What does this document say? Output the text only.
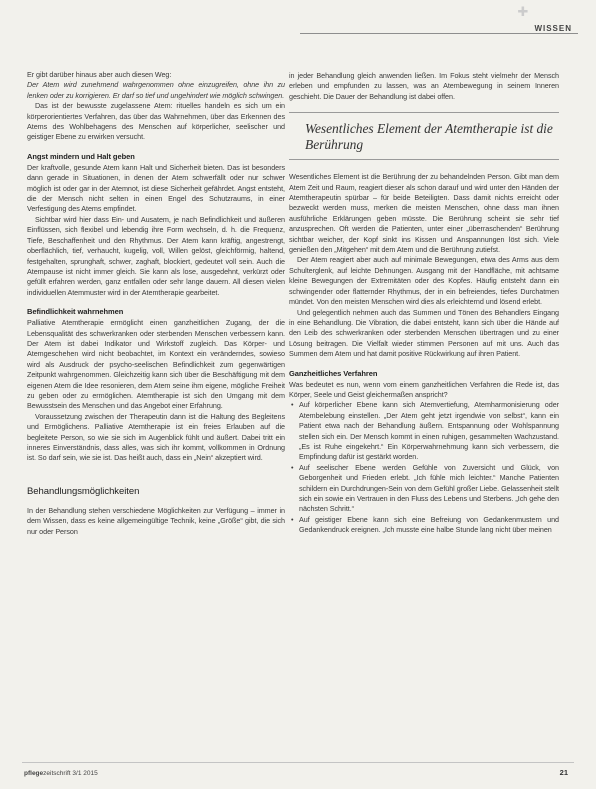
✚
WISSEN

Er gibt darüber hinaus aber auch diesen Weg:

Der Atem wird zunehmend wahrgenommen ohne einzugreifen, ohne ihn zu lenken oder zu korrigieren. Er darf so tief und ungehindert wie möglich schwingen.

Das ist der bewusste zugelassene Atem: rituelles handeln es sich um ein körperorientiertes Verfahren, das über das Wahrnehmen, über das Erkennen des Atems des Wohlbehagens des Menschen auf körperlicher, seelischer und geistiger Ebene zu erwirken versucht.

Angst mindern und Halt geben

Der kraftvolle, gesunde Atem kann Halt und Sicherheit bieten. Das ist besonders dann gerade in Situationen, in denen der Atem schwerfällt oder nur schwer möglich ist oder gar in der Atemnot, ist diese Sicherheit gefährdet. Angst entsteht, die der Mensch nicht selten in einen Engel des Schutzraums, in einer Verfestigung des Atems empfindet.

Sichtbar wird hier dass Ein- und Ausatem, je nach Befindlichkeit und äußeren Einflüssen, sich flexibel und lebendig ihre Form wechseln, d. h. die Frequenz, Tiefe, Beschaffenheit und den Rhythmus. Der Atem kann kräftig, angestrengt, oberflächlich, tief, verhaucht, kugelig, voll, Willen gelöst, gleichförmig, haltend, festgehalten, sprunghaft, schwer, zaghaft, blockiert, gedeutet voll sein. Auch die Atempause ist nicht immer gleich. Sie kann als lose, ausgedehnt, verkürzt oder gefüllt erfahren werden, ganz entfallen oder sehr lange dauern. All diesen vielen individuellen Atemmuster wird in der Atemtherapie gearbeitet.

Befindlichkeit wahrnehmen

Palliative Atemtherapie ermöglicht einen ganzheitlichen Zugang, der die Lebensqualität des schwerkranken oder sterbenden Menschen verbessern kann. Der Atem ist dabei Indikator und Wirkstoff zugleich. Das Körper- und Atemgeschehen wird nicht beobachtet, im Kontext ein veränderndes, sowieso wird als Ausdruck der psycho-seelischen Befindlichkeit zum gegenwärtigen Zeitpunkt wahrgenommen. Gleichzeitig kann sich über die Beschäftigung mit dem eigenen Atem die Idee resonieren, dem Atem seine ihm eigene, mögliche Freiheit zu geben oder zu ermöglichen. Atemtherapie ist sich den Umgang mit dem Bewusstsein des Menschen und das Angebot einer Erfahrung.

Voraussetzung zwischen der Therapeutin dann ist die Haltung des Begleitens und Ermöglichens. Palliative Atemtherapie ist ein freies Erlauben auf die begleitete Person, so wie sie sich im Augenblick fühlt und äußert. Dabei tritt ein inneres Einverständnis, dass alles, was sich ihr kommt, vollkommen in Ordnung ist. So darf sein, wie sie ist. Das heißt auch, dass ein „Nein“ akzeptiert wird.

Behandlungsmöglichkeiten

In der Behandlung stehen verschiedene Möglichkeiten zur Verfügung – immer in dem Wissen, dass es keine allgemeingültige Technik, keine „Größe“ gibt, die sich nur oder Person

in jeder Behandlung gleich anwenden ließen. Im Fokus steht vielmehr der Mensch erleben und empfunden zu lassen, was an Atembewegung in seinem Inneren geschieht. Die Dauer der Behandlung ist dabei offen.

Wesentliches Element der Atemtherapie ist die Berührung

Wesentliches Element ist die Berührung der zu behandelnden Person. Gibt man dem Atem Zeit und Raum, reagiert dieser als schon darauf und wird unter den Händen der Atemtherapeutin spürbar – für beide Beteiligten. Dass damit nichts erreicht oder bezweckt werden muss, merken die meisten Menschen, ohne dass man ihnen ausführliche Erklärungen geben müsste. Die Berührung scheint sie sehr tief anzusprechen. Oft werden die Patienten, unter einer „überraschenden“ Berührung sichtbar weicher, der Kopf sinkt ins Kissen und Anspannungen löst sich. Viele genießen den „Mitgehen“ mit dem Atem und die Berührung zutiefst.

Der Atem reagiert aber auch auf minimale Bewegungen, etwa des Arms aus dem Schulterglenk, auf leichte Dehnungen. Ausgang mit der Handfläche, mit achtsame kleine Bewegungen der Extremitäten oder des Kopfes. Häufig entsteht dann ein schwingender oder flatternder Rhythmus, der in ein befreiendes, tiefes Durchatmen mündet. Von den meisten Menschen wird dies als erleichternd und lösend erlebt.

Und gelegentlich nehmen auch das Summen und Tönen des Behandlers Eingang in eine Behandlung. Die Vibration, die dabei entsteht, kann sich über die Hände auf den Leib des schwerkranken oder sterbenden Menschen übertragen und zu einer Lösung beitragen. Die Vielfalt wieder stimmen Personen auf mit uns. Auch das Summen dem Atem und hat damit positive Rückwirkung auf ihren Patient.

Ganzheitliches Verfahren

Was bedeutet es nun, wenn vom einem ganzheitlichen Verfahren die Rede ist, das Körper, Seele und Geist gleichermaßen anspricht?

• Auf körperlicher Ebene kann sich Atemvertiefung, Atemharmonisierung oder Atembelebung einstellen. „Der Atem geht jetzt irgendwie von selbst“, kann ein Patient etwa nach der Behandlung äußern. Entspannung oder Wohlspannung stellen sich ein. Der Mensch kommt in einen ruhigen, gesammelten Wachzustand. „Es ist Ruhe eingekehrt.“ Ein Körperwahrnehmung kann sich verbessern, die Empfindung dafür ist gestärkt worden.
• Auf seelischer Ebene werden Gefühle von Zuversicht und Glück, von Geborgenheit und Frieden erlebt. „Ich fühle mich leichter.“ Manche Patienten schildern ein Durchdrungen-Sein von dem Gefühl großer Liebe. Gelassenheit stellt sich ein sowie ein Vertrauen in den Fluss des Lebens und Sterbens. „Ich gehe den nächsten Schritt.“
• Auf geistiger Ebene kann sich eine Befreiung von Gedankenmustern und Gedankendruck ereignen. „Ich musste eine halbe Stunde lang nicht über meinen
pflegezeitschrift 3/1 2015	21
